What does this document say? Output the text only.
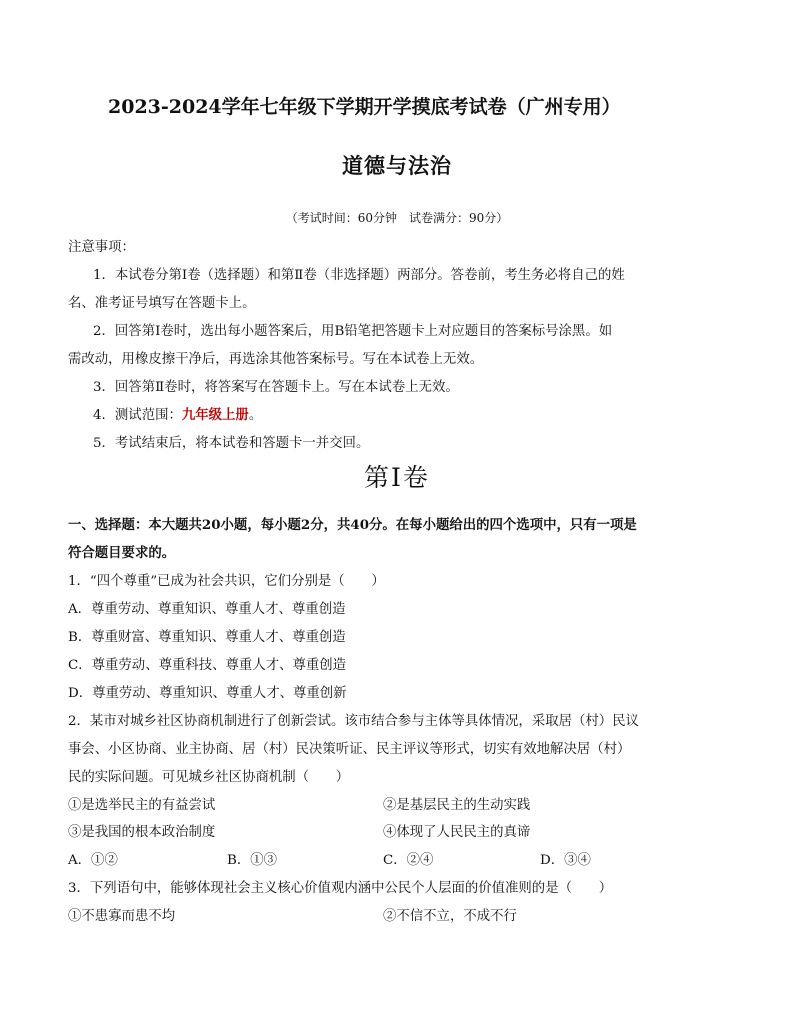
2023-2024学年七年级下学期开学摸底考试卷（广州专用）
道德与法治
（考试时间：60分钟　试卷满分：90分）
注意事项：
1．本试卷分第Ⅰ卷（选择题）和第Ⅱ卷（非选择题）两部分。答卷前，考生务必将自己的姓
名、准考证号填写在答题卡上。
2．回答第Ⅰ卷时，选出每小题答案后，用B铅笔把答题卡上对应题目的答案标号涂黑。如
需改动，用橡皮擦干净后，再选涂其他答案标号。写在本试卷上无效。
3．回答第Ⅱ卷时，将答案写在答题卡上。写在本试卷上无效。
4．测试范围：九年级上册。
5．考试结束后，将本试卷和答题卡一并交回。
第Ⅰ卷
一、选择题：本大题共20小题，每小题2分，共40分。在每小题给出的四个选项中，只有一项是
符合题目要求的。
1．“四个尊重”已成为社会共识，它们分别是（　　）
A．尊重劳动、尊重知识、尊重人才、尊重创造
B．尊重财富、尊重知识、尊重人才、尊重创造
C．尊重劳动、尊重科技、尊重人才、尊重创造
D．尊重劳动、尊重知识、尊重人才、尊重创新
2．某市对城乡社区协商机制进行了创新尝试。该市结合参与主体等具体情况，采取居（村）民议
事会、小区协商、业主协商、居（村）民决策听证、民主评议等形式，切实有效地解决居（村）
民的实际问题。可见城乡社区协商机制（　　）
①是选举民主的有益尝试	②是基层民主的生动实践
③是我国的根本政治制度	④体现了人民民主的真谛
A．①②	B．①③	C．②④	D．③④
3．下列语句中，能够体现社会主义核心价值观内涵中公民个人层面的价值准则的是（　　）
①不患寡而患不均	②不信不立，不成不行
